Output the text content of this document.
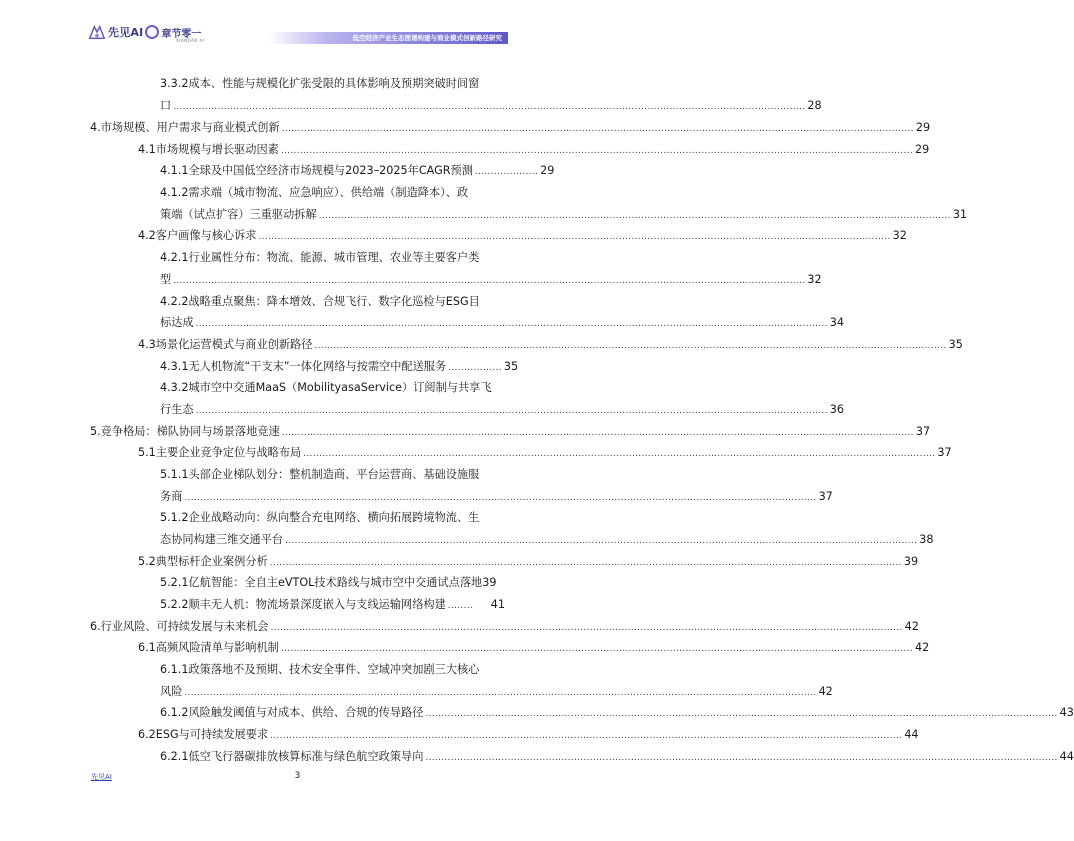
先见AI 章节零一
XIANJIAN AI	低空经济产业生态图谱构建与商业模式创新路径研究
3.3.2成本、性能与规模化扩张受限的具体影响及预期突破时间窗
口 ........................................................................................................................................................................................................ 28
4.市场规模、用户需求与商业模式创新 ........................................................................................................................................................................................................ 29
4.1市场规模与增长驱动因素 ........................................................................................................................................................................................................ 29
4.1.1全球及中国低空经济市场规模与2023–2025年CAGR预测 .................... 29
4.1.2需求端（城市物流、应急响应）、供给端（制造降本）、政
策端（试点扩容）三重驱动拆解 ........................................................................................................................................................................................................ 31
4.2客户画像与核心诉求 ........................................................................................................................................................................................................ 32
4.2.1行业属性分布：物流、能源、城市管理、农业等主要客户类
型 ........................................................................................................................................................................................................ 32
4.2.2战略重点聚焦：降本增效、合规飞行、数字化巡检与ESG目
标达成 ........................................................................................................................................................................................................ 34
4.3场景化运营模式与商业创新路径 ........................................................................................................................................................................................................ 35
4.3.1无人机物流“干支末”一体化网络与按需空中配送服务 ................. 35
4.3.2城市空中交通MaaS（MobilityasaService）订阅制与共享飞
行生态 ........................................................................................................................................................................................................ 36
5.竞争格局：梯队协同与场景落地竞速 ........................................................................................................................................................................................................ 37
5.1主要企业竞争定位与战略布局 ........................................................................................................................................................................................................ 37
5.1.1头部企业梯队划分：整机制造商、平台运营商、基础设施服
务商 ........................................................................................................................................................................................................ 37
5.1.2企业战略动向：纵向整合充电网络、横向拓展跨境物流、生
态协同构建三维交通平台 ........................................................................................................................................................................................................ 38
5.2典型标杆企业案例分析 ........................................................................................................................................................................................................ 39
5.2.1亿航智能：全自主eVTOL技术路线与城市空中交通试点落地 39
5.2.2顺丰无人机：物流场景深度嵌入与支线运输网络构建 ........	41
6.行业风险、可持续发展与未来机会 ........................................................................................................................................................................................................ 42
6.1高频风险清单与影响机制 ........................................................................................................................................................................................................ 42
6.1.1政策落地不及预期、技术安全事件、空域冲突加剧三大核心
风险 ........................................................................................................................................................................................................ 42
6.1.2风险触发阈值与对成本、供给、合规的传导路径 ........................................................................................................................................................................................................ 43
6.2ESG与可持续发展要求 ........................................................................................................................................................................................................ 44
6.2.1低空飞行器碳排放核算标准与绿色航空政策导向 ........................................................................................................................................................................................................ 44
先见AI	3
